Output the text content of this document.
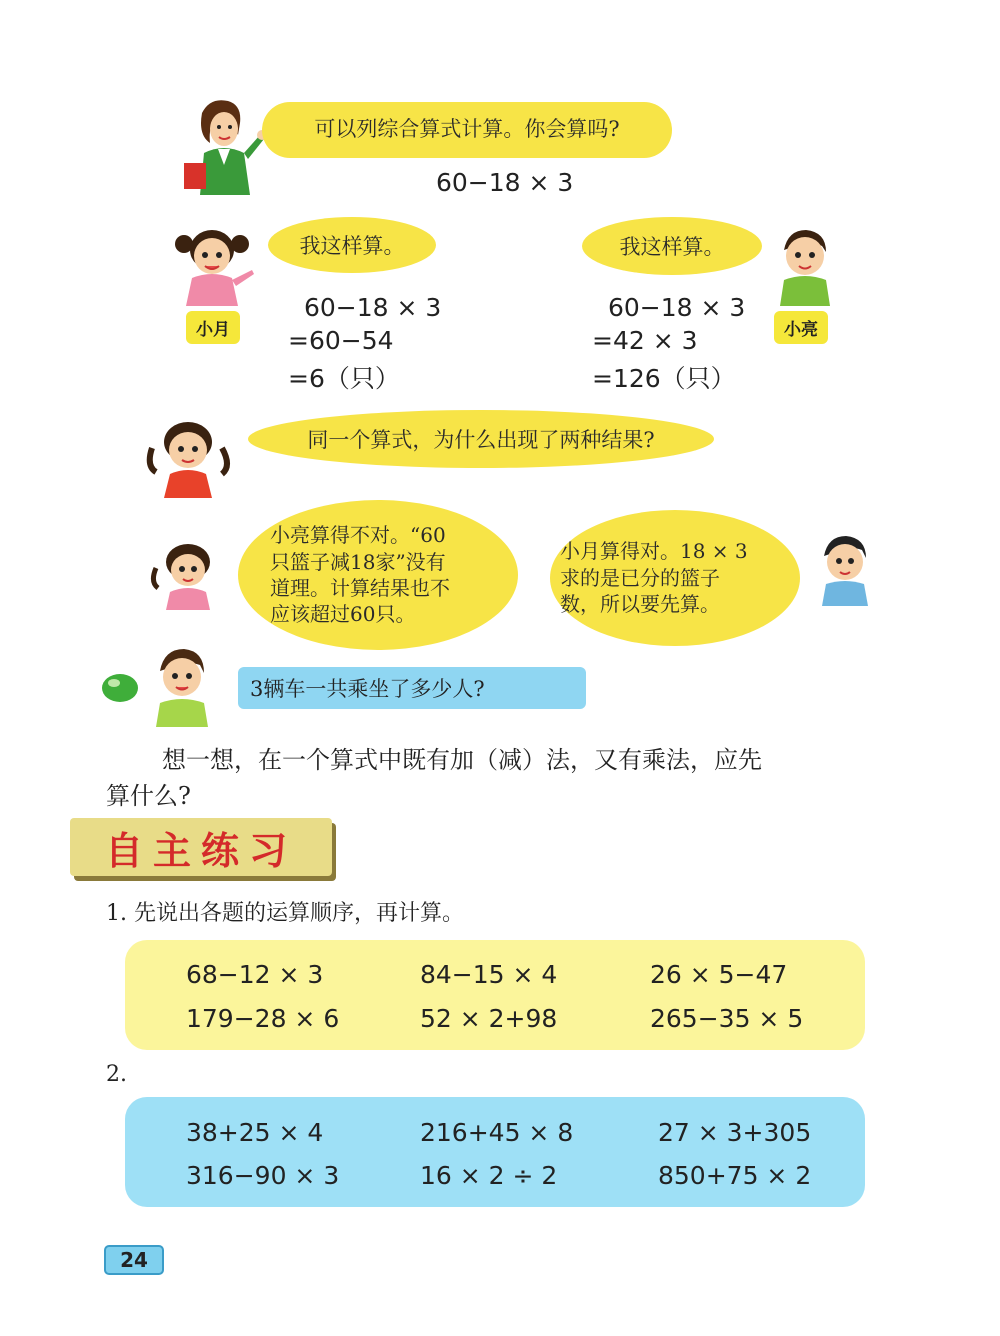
可以列综合算式计算。你会算吗?
60−18 × 3
我这样算。	我这样算。
小月	小亮
60−18 × 3
=60−54
=6（只）
60−18 × 3
=42 × 3
=126（只）
同一个算式，为什么出现了两种结果?
小亮算得不对。“60
只篮子减18家”没有
道理。计算结果也不
应该超过60只。
小月算得对。18 × 3
求的是已分的篮子
数，所以要先算。
3辆车一共乘坐了多少人?
想一想，在一个算式中既有加（减）法，又有乘法，应先
算什么?
自主练习
1. 先说出各题的运算顺序，再计算。
68−12 × 3	84−15 × 4	26 × 5−47
179−28 × 6	52 × 2+98	265−35 × 5
2.
38+25 × 4	216+45 × 8	27 × 3+305
316−90 × 3	16 × 2 ÷ 2	850+75 × 2
24
